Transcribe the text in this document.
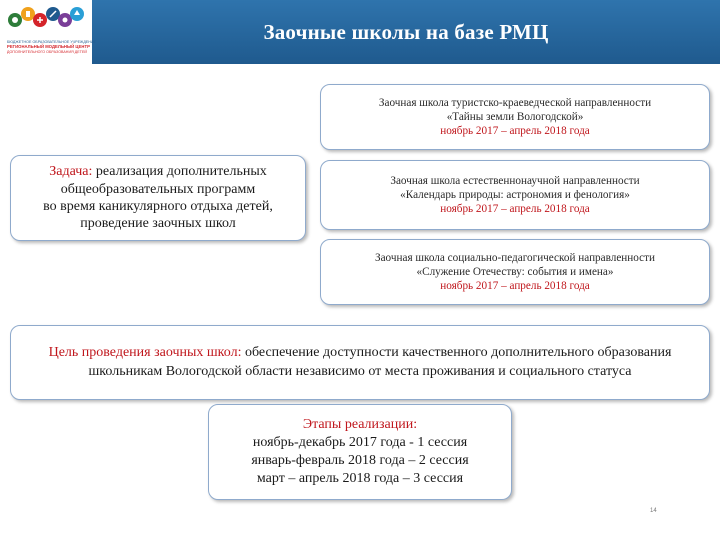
БЮДЖЕТНОЕ ОБРАЗОВАТЕЛЬНОЕ УЧРЕЖДЕНИЕ
РЕГИОНАЛЬНЫЙ МОДЕЛЬНЫЙ ЦЕНТР
ДОПОЛНИТЕЛЬНОГО ОБРАЗОВАНИЯ ДЕТЕЙ
Заочные школы на базе РМЦ
Заочная школа туристско-краеведческой направленности
«Тайны земли Вологодской»
ноябрь 2017 – апрель 2018 года
Задача: реализация дополнительных
общеобразовательных программ
во время каникулярного отдыха детей,
проведение заочных школ
Заочная школа естественнонаучной направленности
«Календарь природы: астрономия и фенология»
ноябрь 2017 – апрель 2018 года
Заочная школа социально-педагогической направленности
«Служение Отечеству: события и имена»
ноябрь 2017 – апрель 2018 года
Цель проведения заочных школ: обеспечение доступности качественного дополнительного образования школьникам Вологодской области независимо от места проживания и социального статуса
Этапы реализации:
ноябрь-декабрь 2017 года - 1 сессия
январь-февраль 2018 года – 2 сессия
март – апрель 2018 года – 3 сессия
14
